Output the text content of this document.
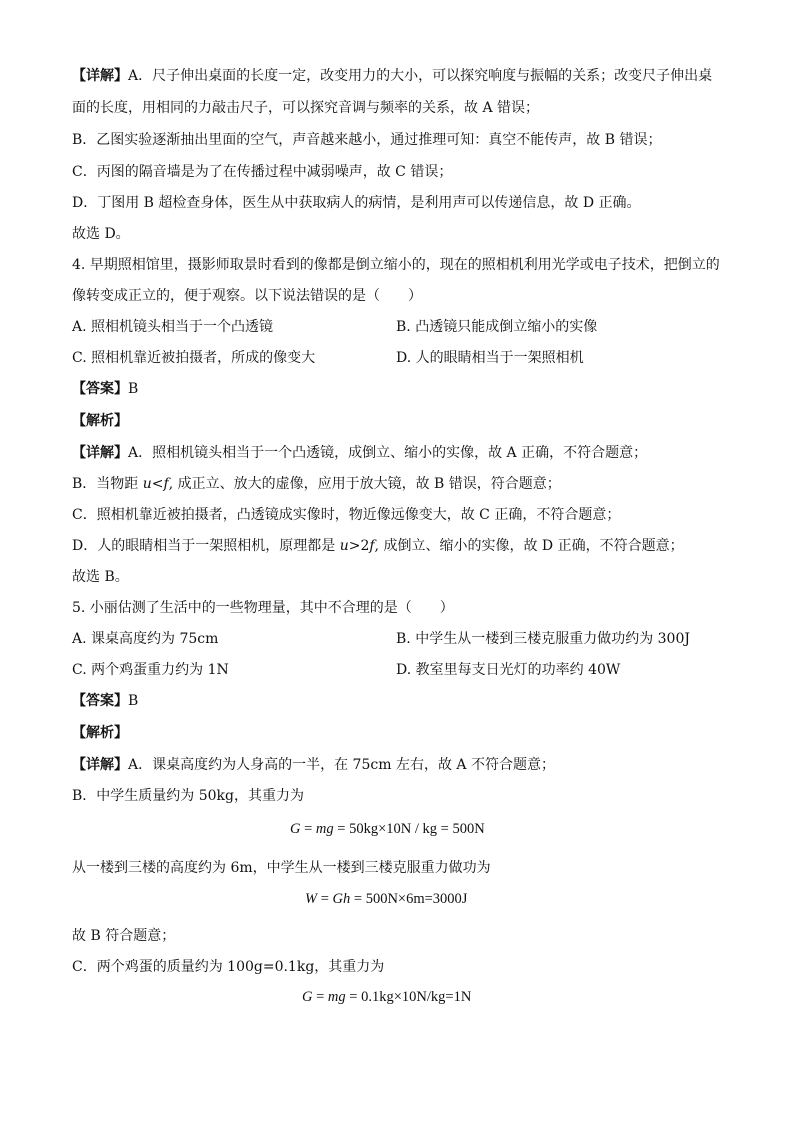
【详解】A．尺子伸出桌面的长度一定，改变用力的大小，可以探究响度与振幅的关系；改变尺子伸出桌
面的长度，用相同的力敲击尺子，可以探究音调与频率的关系，故 A 错误；
B．乙图实验逐渐抽出里面的空气，声音越来越小，通过推理可知：真空不能传声，故 B 错误；
C．丙图的隔音墙是为了在传播过程中减弱噪声，故 C 错误；
D．丁图用 B 超检查身体，医生从中获取病人的病情，是利用声可以传递信息，故 D 正确。
故选 D。
4. 早期照相馆里，摄影师取景时看到的像都是倒立缩小的，现在的照相机利用光学或电子技术，把倒立的
像转变成正立的，便于观察。以下说法错误的是（　　）
A. 照相机镜头相当于一个凸透镜	B. 凸透镜只能成倒立缩小的实像
C. 照相机靠近被拍摄者，所成的像变大	D. 人的眼睛相当于一架照相机
【答案】B
【解析】
【详解】A．照相机镜头相当于一个凸透镜，成倒立、缩小的实像，故 A 正确，不符合题意；
B．当物距 u<f, 成正立、放大的虚像，应用于放大镜，故 B 错误，符合题意；
C．照相机靠近被拍摄者，凸透镜成实像时，物近像远像变大，故 C 正确，不符合题意；
D．人的眼睛相当于一架照相机，原理都是 u>2f, 成倒立、缩小的实像，故 D 正确，不符合题意；
故选 B。
5. 小丽估测了生活中的一些物理量，其中不合理的是（　　）
A. 课桌高度约为 75cm	B. 中学生从一楼到三楼克服重力做功约为 300J
C. 两个鸡蛋重力约为 1N	D. 教室里每支日光灯的功率约 40W
【答案】B
【解析】
【详解】A．课桌高度约为人身高的一半，在 75cm 左右，故 A 不符合题意；
B．中学生质量约为 50kg，其重力为
G = mg = 50kg×10N / kg = 500N
从一楼到三楼的高度约为 6m，中学生从一楼到三楼克服重力做功为
W = Gh = 500N×6m=3000J
故 B 符合题意；
C．两个鸡蛋的质量约为 100g=0.1kg，其重力为
G = mg = 0.1kg×10N/kg=1N
